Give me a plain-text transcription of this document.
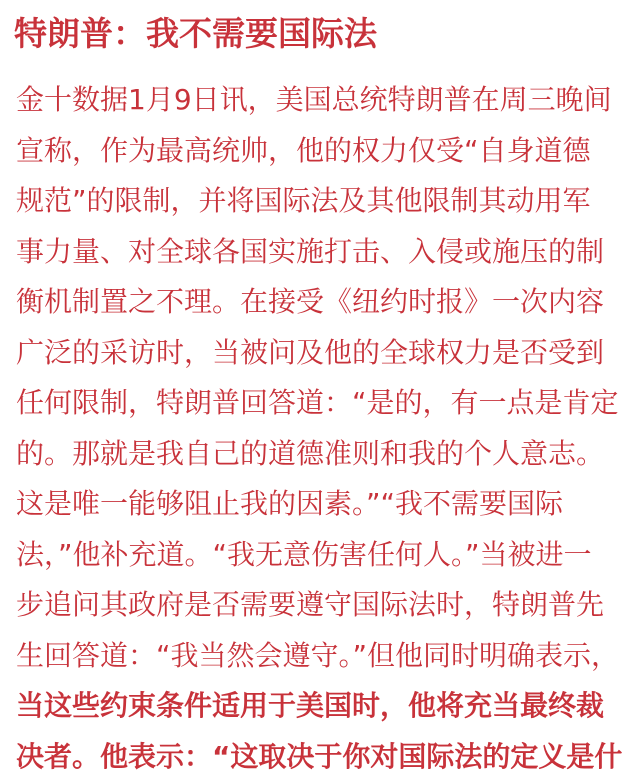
特朗普：我不需要国际法
金十数据1月9日讯，美国总统特朗普在周三晚间
宣称，作为最高统帅，他的权力仅受“自身道德
规范”的限制，并将国际法及其他限制其动用军
事力量、对全球各国实施打击、入侵或施压的制
衡机制置之不理。在接受《纽约时报》一次内容
广泛的采访时，当被问及他的全球权力是否受到
任何限制，特朗普回答道：“是的，有一点是肯定
的。那就是我自己的道德准则和我的个人意志。
这是唯一能够阻止我的因素。”“我不需要国际
法，”他补充道。“我无意伤害任何人。”当被进一
步追问其政府是否需要遵守国际法时，特朗普先
生回答道：“我当然会遵守。”但他同时明确表示，
当这些约束条件适用于美国时，他将充当最终裁
决者。他表示：“这取决于你对国际法的定义是什
